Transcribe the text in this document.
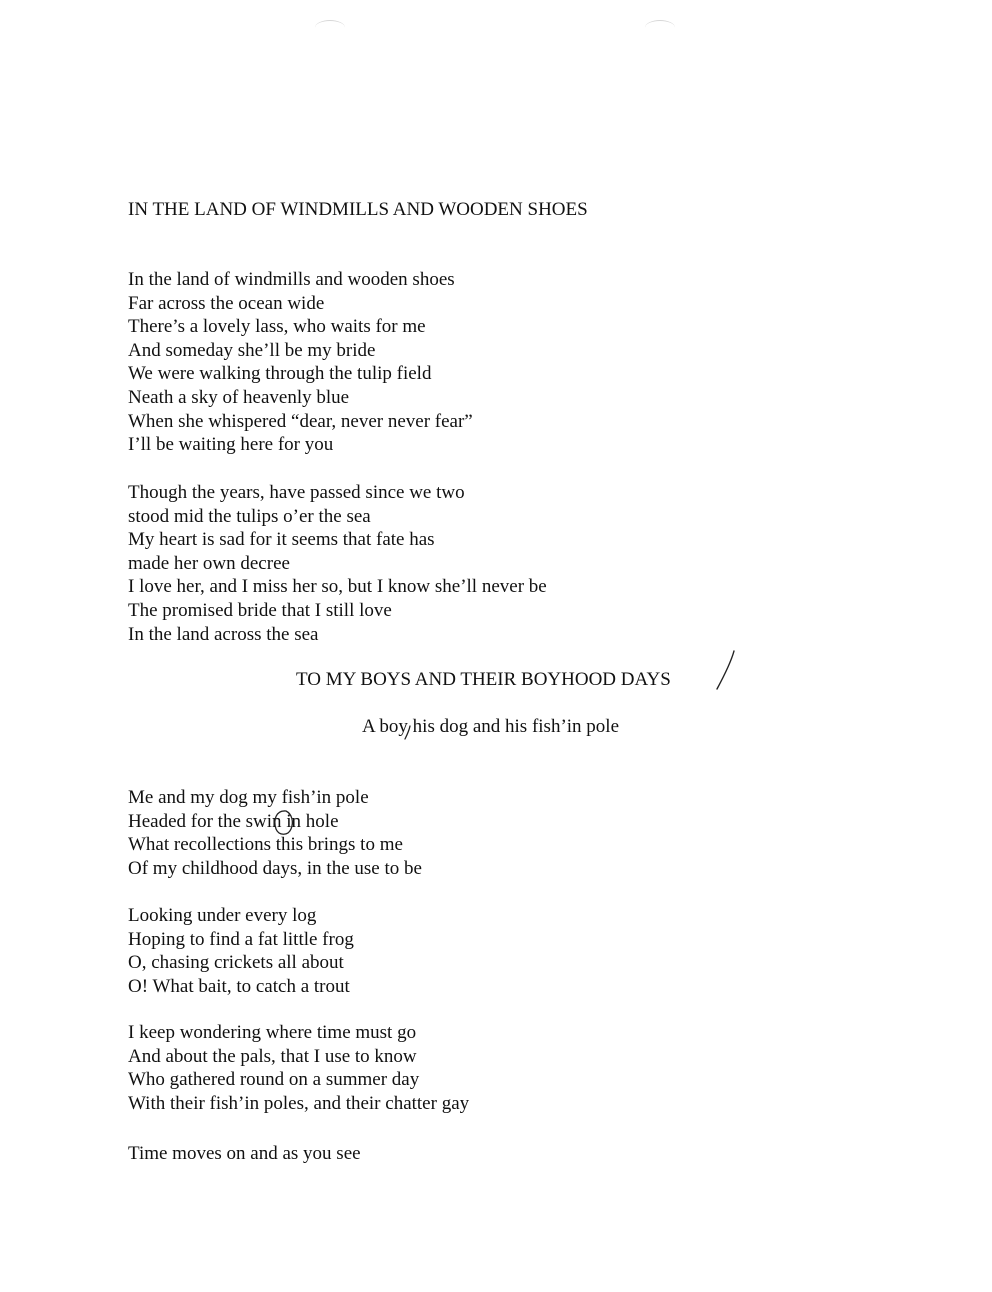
IN THE LAND OF WINDMILLS AND WOODEN SHOES
In the land of windmills and wooden shoes
Far across the ocean wide
There’s a lovely lass, who waits for me
And someday she’ll be my bride
We were walking through the tulip field
Neath a sky of heavenly blue
When she whispered “dear, never never fear”
I’ll be waiting here for you
Though the years, have passed since we two
stood mid the tulips o’er the sea
My heart is sad for it seems that fate has
made her own decree
I love her, and I miss her so, but I know she’ll never be
The promised bride that I still love
In the land across the sea
TO MY BOYS AND THEIR BOYHOOD DAYS
A boy his dog and his fish’in pole
Me and my dog my fish’in pole
Headed for the swin in hole
What recollections this brings to me
Of my childhood days, in the use to be
Looking under every log
Hoping to find a fat little frog
O, chasing crickets all about
O! What bait, to catch a trout
I keep wondering where time must go
And about the pals, that I use to know
Who gathered round on a summer day
With their fish’in poles, and their chatter gay
Time moves on and as you see
